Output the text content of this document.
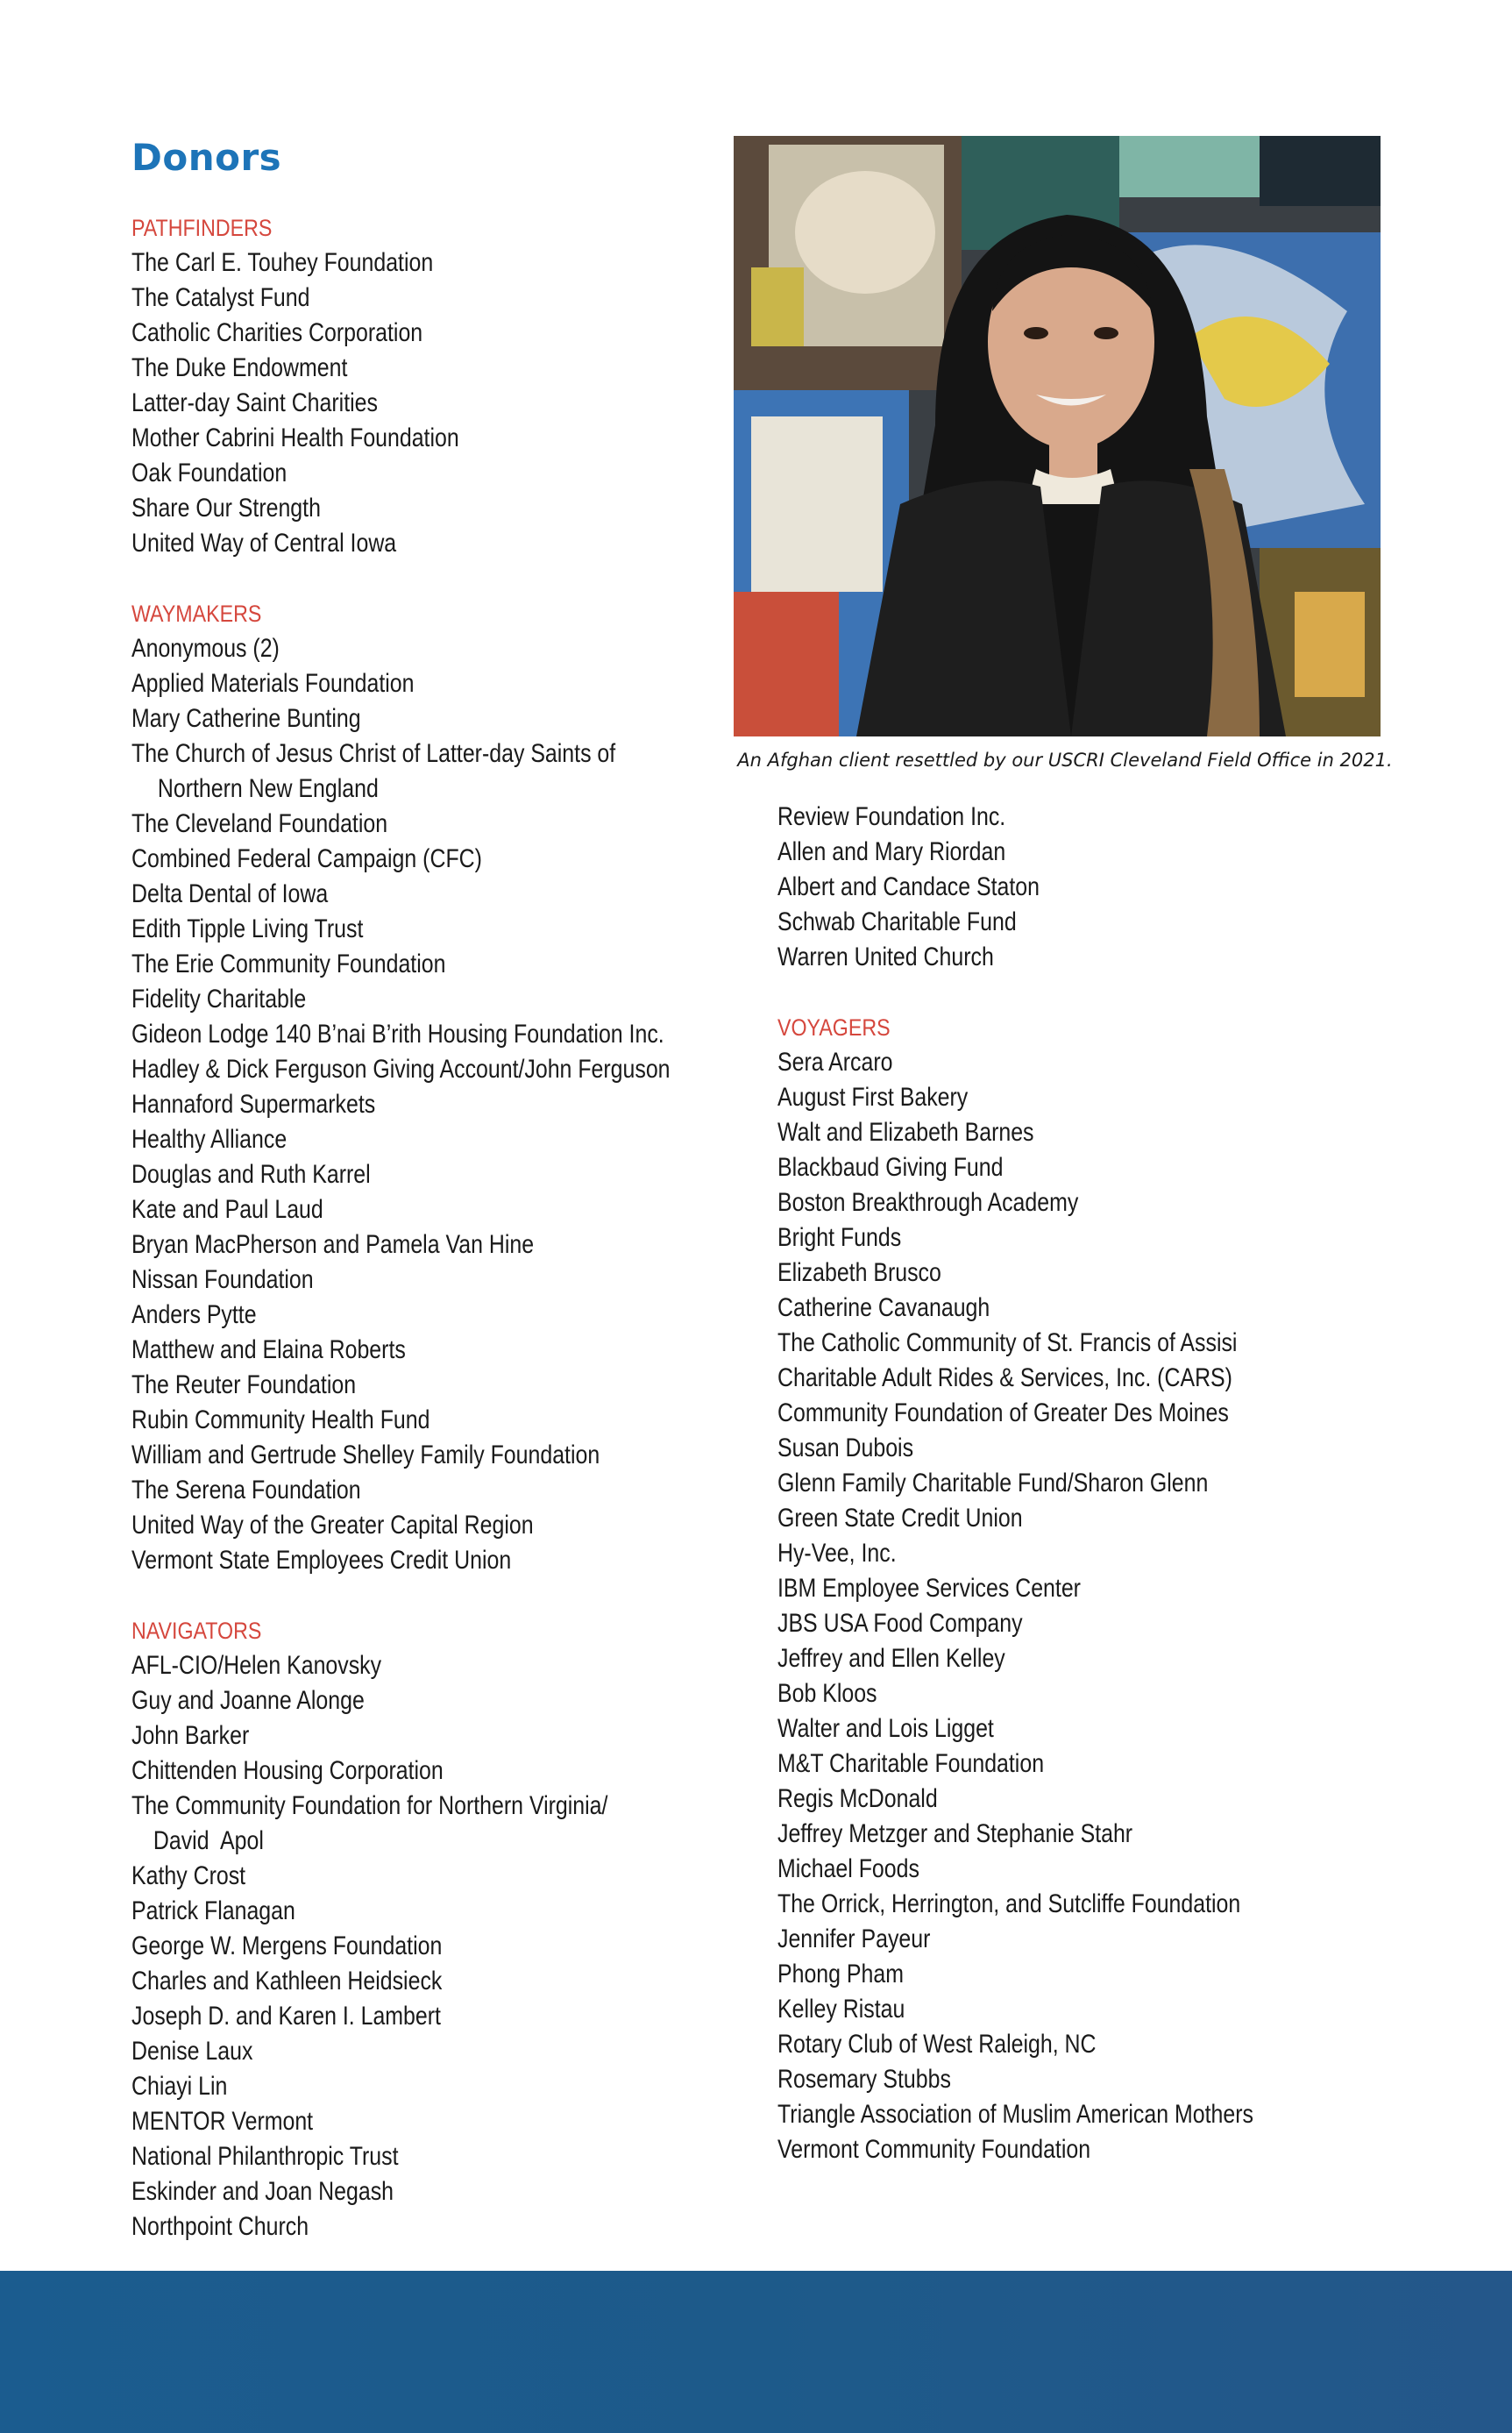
Donors
PATHFINDERS
The Carl E. Touhey Foundation
The Catalyst Fund
Catholic Charities Corporation
The Duke Endowment
Latter-day Saint Charities
Mother Cabrini Health Foundation
Oak Foundation
Share Our Strength
United Way of Central Iowa
WAYMAKERS
Anonymous (2)
Applied Materials Foundation
Mary Catherine Bunting
The Church of Jesus Christ of Latter-day Saints of
Northern New England
The Cleveland Foundation
Combined Federal Campaign (CFC)
Delta Dental of Iowa
Edith Tipple Living Trust
The Erie Community Foundation
Fidelity Charitable
Gideon Lodge 140 B’nai B’rith Housing Foundation Inc.
Hadley & Dick Ferguson Giving Account/John Ferguson
Hannaford Supermarkets
Healthy Alliance
Douglas and Ruth Karrel
Kate and Paul Laud
Bryan MacPherson and Pamela Van Hine
Nissan Foundation
Anders Pytte
Matthew and Elaina Roberts
The Reuter Foundation
Rubin Community Health Fund
William and Gertrude Shelley Family Foundation
The Serena Foundation
United Way of the Greater Capital Region
Vermont State Employees Credit Union
NAVIGATORS
AFL-CIO/Helen Kanovsky
Guy and Joanne Alonge
John Barker
Chittenden Housing Corporation
The Community Foundation for Northern Virginia/
David  Apol
Kathy Crost
Patrick Flanagan
George W. Mergens Foundation
Charles and Kathleen Heidsieck
Joseph D. and Karen I. Lambert
Denise Laux
Chiayi Lin
MENTOR Vermont
National Philanthropic Trust
Eskinder and Joan Negash
Northpoint Church
An Afghan client resettled by our USCRI Cleveland Field Office in 2021.
Review Foundation Inc.
Allen and Mary Riordan
Albert and Candace Staton
Schwab Charitable Fund
Warren United Church
VOYAGERS
Sera Arcaro
August First Bakery
Walt and Elizabeth Barnes
Blackbaud Giving Fund
Boston Breakthrough Academy
Bright Funds
Elizabeth Brusco
Catherine Cavanaugh
The Catholic Community of St. Francis of Assisi
Charitable Adult Rides & Services, Inc. (CARS)
Community Foundation of Greater Des Moines
Susan Dubois
Glenn Family Charitable Fund/Sharon Glenn
Green State Credit Union
Hy-Vee, Inc.
IBM Employee Services Center
JBS USA Food Company
Jeffrey and Ellen Kelley
Bob Kloos
Walter and Lois Ligget
M&T Charitable Foundation
Regis McDonald
Jeffrey Metzger and Stephanie Stahr
Michael Foods
The Orrick, Herrington, and Sutcliffe Foundation
Jennifer Payeur
Phong Pham
Kelley Ristau
Rotary Club of West Raleigh, NC
Rosemary Stubbs
Triangle Association of Muslim American Mothers
Vermont Community Foundation
